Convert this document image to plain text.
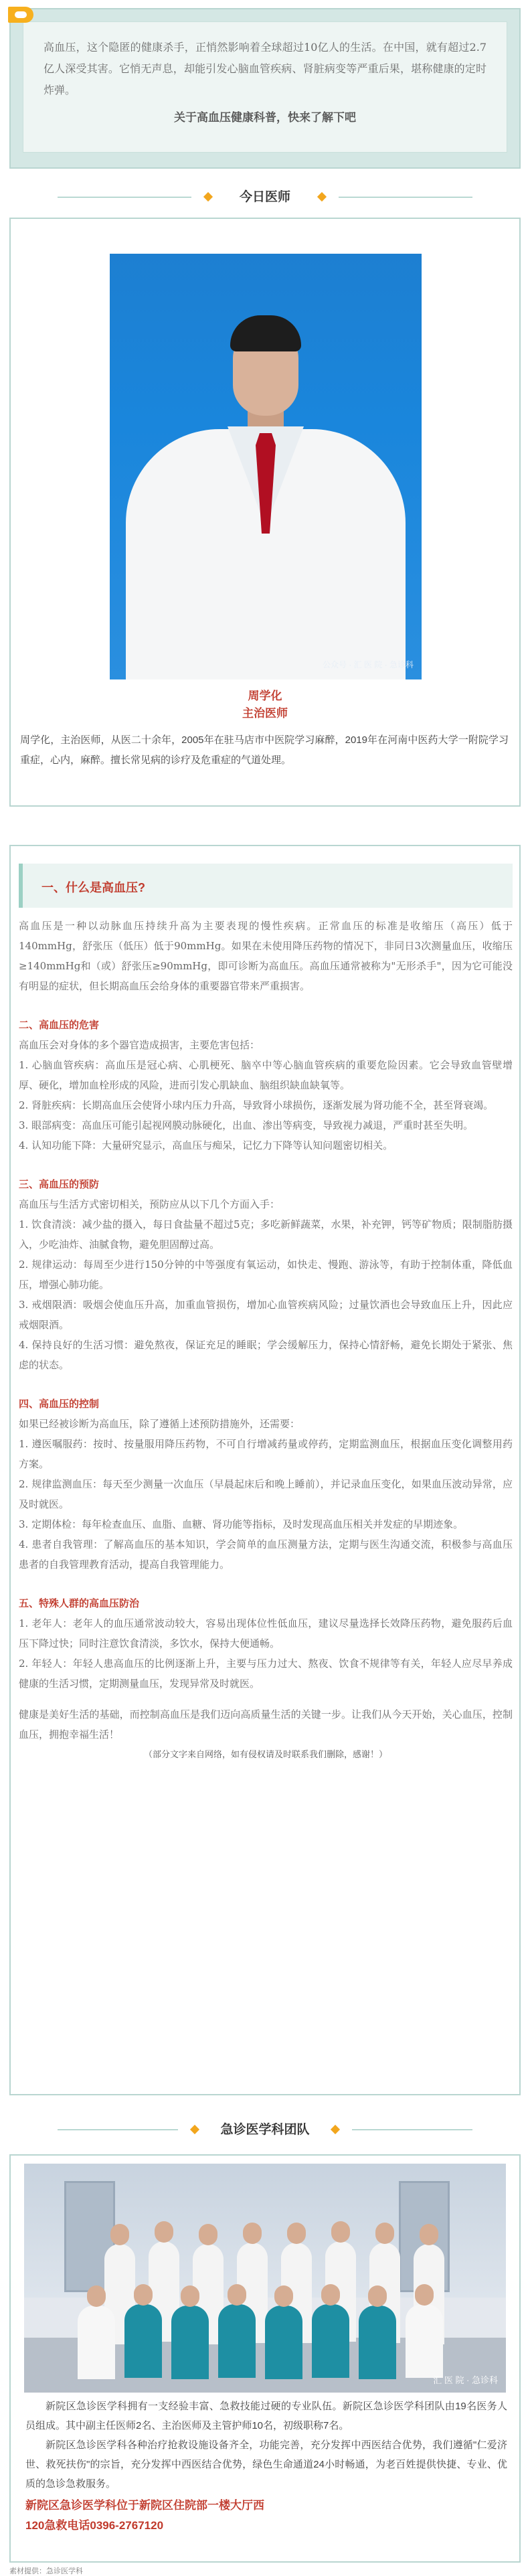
高血压，这个隐匿的健康杀手，正悄然影响着全球超过10亿人的生活。在中国，就有超过2.7亿人深受其害。它悄无声息，却能引发心脑血管疾病、肾脏病变等严重后果，堪称健康的定时炸弹。
关于高血压健康科普，快来了解下吧
今日医师
公众号 · 汇 医 院 · 急诊科
周学化
主治医师
周学化，主治医师，从医二十余年，2005年在驻马店市中医院学习麻醉，2019年在河南中医药大学一附院学习重症，心内，麻醉。擅长常见病的诊疗及危重症的气道处理。
一、什么是高血压?

高血压是一种以动脉血压持续升高为主要表现的慢性疾病。正常血压的标准是收缩压（高压）低于140mmHg，舒张压（低压）低于90mmHg。如果在未使用降压药物的情况下，非同日3次测量血压，收缩压≥140mmHg和（或）舒张压≥90mmHg，即可诊断为高血压。高血压通常被称为"无形杀手"，因为它可能没有明显的症状，但长期高血压会给身体的重要器官带来严重损害。

二、高血压的危害

高血压会对身体的多个器官造成损害，主要危害包括：

1. 心脑血管疾病：高血压是冠心病、心肌梗死、脑卒中等心脑血管疾病的重要危险因素。它会导致血管壁增厚、硬化，增加血栓形成的风险，进而引发心肌缺血、脑组织缺血缺氧等。

2. 肾脏疾病：长期高血压会使肾小球内压力升高，导致肾小球损伤，逐渐发展为肾功能不全，甚至肾衰竭。

3. 眼部病变：高血压可能引起视网膜动脉硬化，出血、渗出等病变，导致视力减退，严重时甚至失明。

4. 认知功能下降：大量研究显示，高血压与痴呆，记忆力下降等认知问题密切相关。

三、高血压的预防

高血压与生活方式密切相关，预防应从以下几个方面入手：

1. 饮食清淡：减少盐的摄入，每日食盐量不超过5克；多吃新鲜蔬菜，水果，补充钾，钙等矿物质；限制脂肪摄入，少吃油炸、油腻食物，避免胆固醇过高。

2. 规律运动：每周至少进行150分钟的中等强度有氧运动，如快走、慢跑、游泳等，有助于控制体重，降低血压，增强心肺功能。

3. 戒烟限酒：吸烟会使血压升高，加重血管损伤，增加心血管疾病风险；过量饮酒也会导致血压上升，因此应戒烟限酒。

4. 保持良好的生活习惯：避免熬夜，保证充足的睡眠；学会缓解压力，保持心情舒畅，避免长期处于紧张、焦虑的状态。

四、高血压的控制

如果已经被诊断为高血压，除了遵循上述预防措施外，还需要：

1. 遵医嘱服药：按时、按量服用降压药物，不可自行增减药量或停药，定期监测血压，根据血压变化调整用药方案。

2. 规律监测血压：每天至少测量一次血压（早晨起床后和晚上睡前），并记录血压变化，如果血压波动异常，应及时就医。

3. 定期体检：每年检查血压、血脂、血糖、肾功能等指标，及时发现高血压相关并发症的早期迹象。

4. 患者自我管理：了解高血压的基本知识，学会简单的血压测量方法，定期与医生沟通交流，积极参与高血压患者的自我管理教育活动，提高自我管理能力。

五、特殊人群的高血压防治

1. 老年人：老年人的血压通常波动较大，容易出现体位性低血压，建议尽量选择长效降压药物，避免服药后血压下降过快；同时注意饮食清淡，多饮水，保持大便通畅。

2. 年轻人：年轻人患高血压的比例逐渐上升，主要与压力过大、熬夜、饮食不规律等有关，年轻人应尽早养成健康的生活习惯，定期测量血压，发现异常及时就医。

健康是美好生活的基础，而控制高血压是我们迈向高质量生活的关键一步。让我们从今天开始，关心血压，控制血压，拥抱幸福生活！

（部分文字来自网络，如有侵权请及时联系我们删除，感谢！）

急诊医学科团队
汇 医 院 · 急诊科

新院区急诊医学科拥有一支经验丰富、急救技能过硬的专业队伍。新院区急诊医学科团队由19名医务人员组成。其中副主任医师2名、主治医师及主管护师10名，初级职称7名。

新院区急诊医学科各种治疗抢救设施设备齐全，功能完善，充分发挥中西医结合优势，我们遵循"仁爱济世、救死扶伤"的宗旨，充分发挥中西医结合优势，绿色生命通道24小时畅通，为老百姓提供快捷、专业、优质的急诊急救服务。

新院区急诊医学科位于新院区住院部一楼大厅西
120急救电话0396-2767120
素材提供：急诊医学科
